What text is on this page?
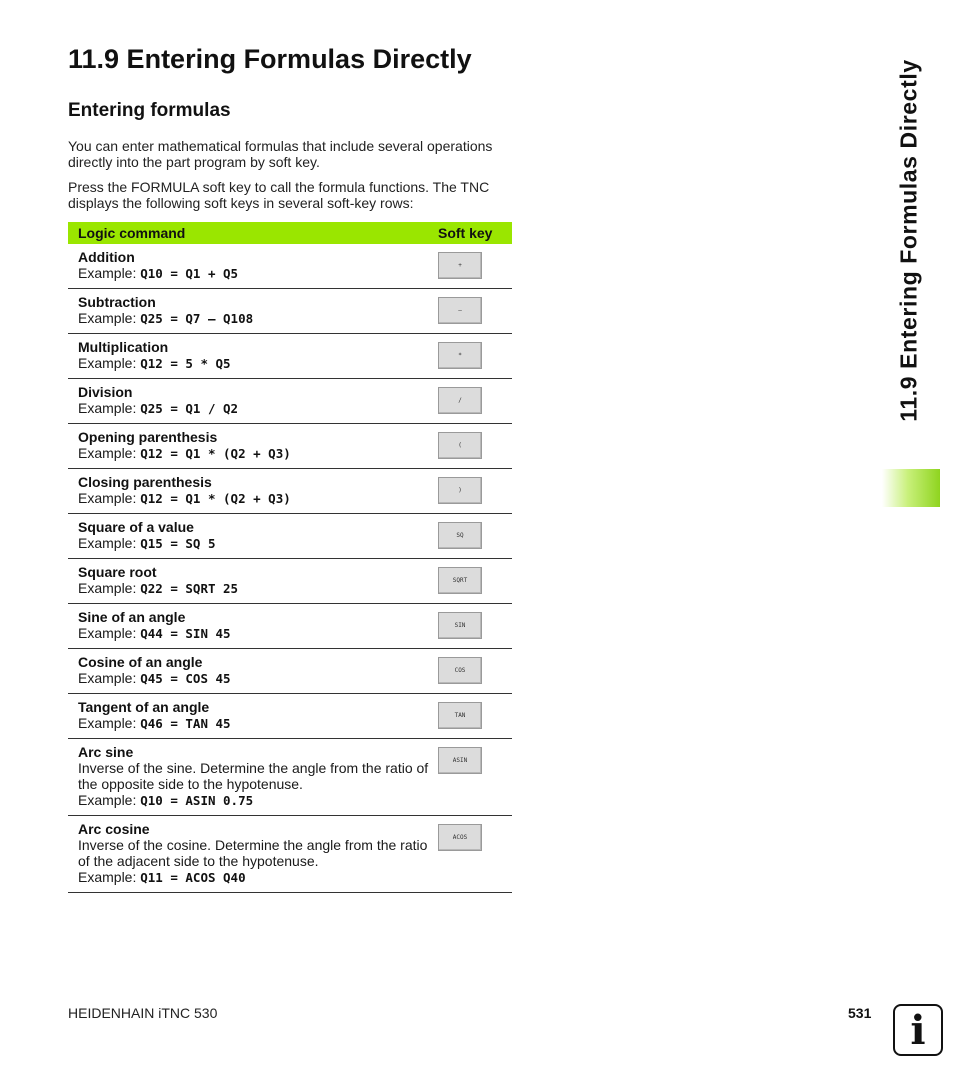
11.9 Entering Formulas Directly
Entering formulas

You can enter mathematical formulas that include several operations directly into the part program by soft key.

Press the FORMULA soft key to call the formula functions. The TNC displays the following soft keys in several soft-key rows:

Logic command	Soft key

Addition
Example: Q10 = Q1 + Q5	+

Subtraction
Example: Q25 = Q7 – Q108	–

Multiplication
Example: Q12 = 5 * Q5	*

Division
Example: Q25 = Q1 / Q2	/

Opening parenthesis
Example: Q12 = Q1 * (Q2 + Q3)	(

Closing parenthesis
Example: Q12 = Q1 * (Q2 + Q3)	)

Square of a value
Example: Q15 = SQ 5	SQ

Square root
Example: Q22 = SQRT 25	SQRT

Sine of an angle
Example: Q44 = SIN 45	SIN

Cosine of an angle
Example: Q45 = COS 45	COS

Tangent of an angle
Example: Q46 = TAN 45	TAN

Arc sine
Inverse of the sine. Determine the angle from the ratio of the opposite side to the hypotenuse.
Example: Q10 = ASIN 0.75	ASIN

Arc cosine
Inverse of the cosine. Determine the angle from the ratio of the adjacent side to the hypotenuse.
Example: Q11 = ACOS Q40	ACOS
11.9 Entering Formulas Directly
HEIDENHAIN iTNC 530	531 i
